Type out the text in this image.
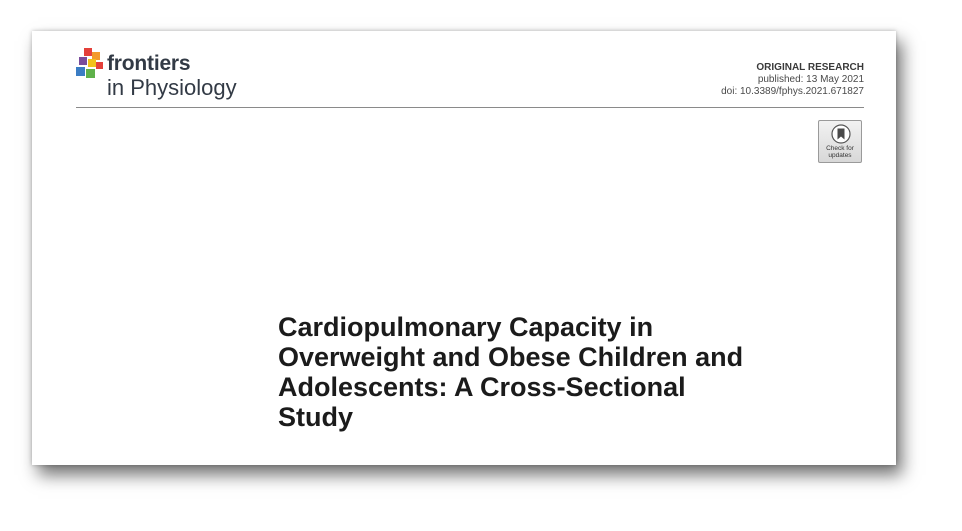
frontiers
in Physiology
ORIGINAL RESEARCH
published: 13 May 2021
doi: 10.3389/fphys.2021.671827
Check for
updates
Cardiopulmonary Capacity in
Overweight and Obese Children and
Adolescents: A Cross-Sectional
Study
